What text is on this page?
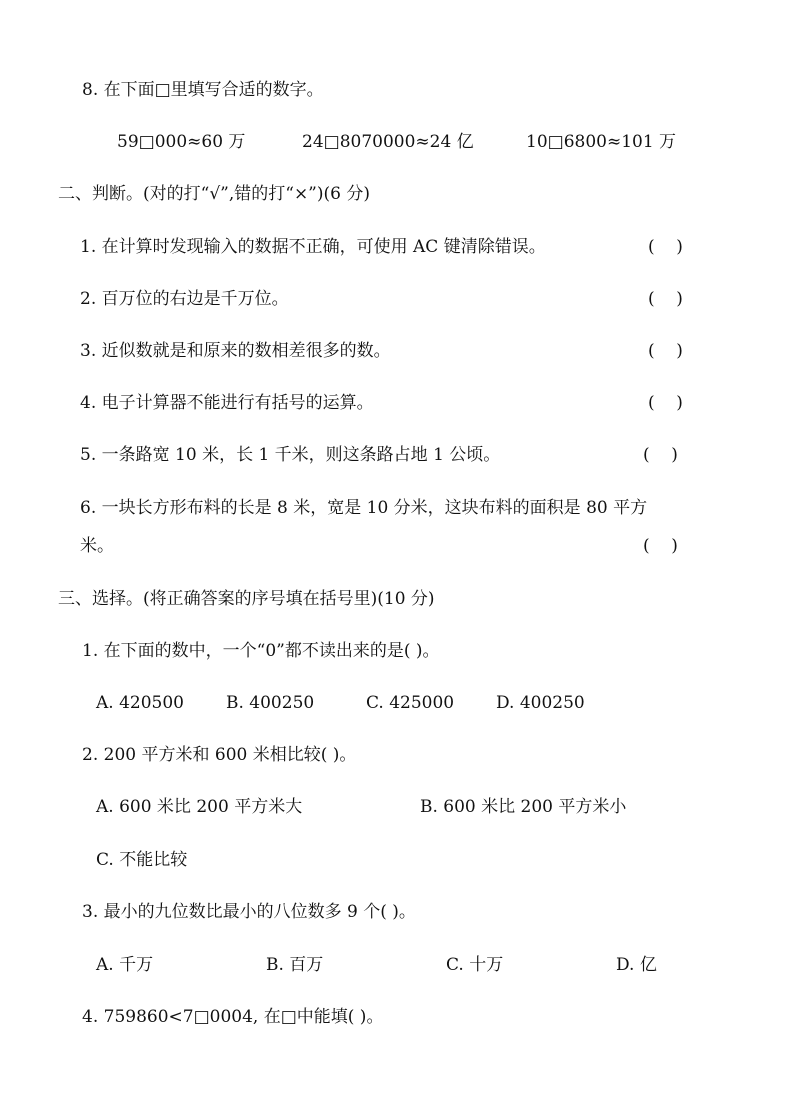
8. 在下面□里填写合适的数字。
59□000≈60 万	24□8070000≈24 亿	10□6800≈101 万
二、判断。(对的打“√”,错的打“×”)(6 分)
1. 在计算时发现输入的数据不正确，可使用 AC 键清除错误。	(    )
2. 百万位的右边是千万位。	(    )
3. 近似数就是和原来的数相差很多的数。	(    )
4. 电子计算器不能进行有括号的运算。	(    )
5. 一条路宽 10 米，长 1 千米，则这条路占地 1 公顷。	(    )
6. 一块长方形布料的长是 8 米，宽是 10 分米，这块布料的面积是 80 平方
米。	(    )
三、选择。(将正确答案的序号填在括号里)(10 分)
1. 在下面的数中，一个“0”都不读出来的是( )。
A. 420500 B. 400250	C. 425000 D. 400250
2. 200 平方米和 600 米相比较( )。
A. 600 米比 200 平方米大	B. 600 米比 200 平方米小
C. 不能比较
3. 最小的九位数比最小的八位数多 9 个( )。
A. 千万	B. 百万	C. 十万	D. 亿
4. 759860<7□0004, 在□中能填( )。
